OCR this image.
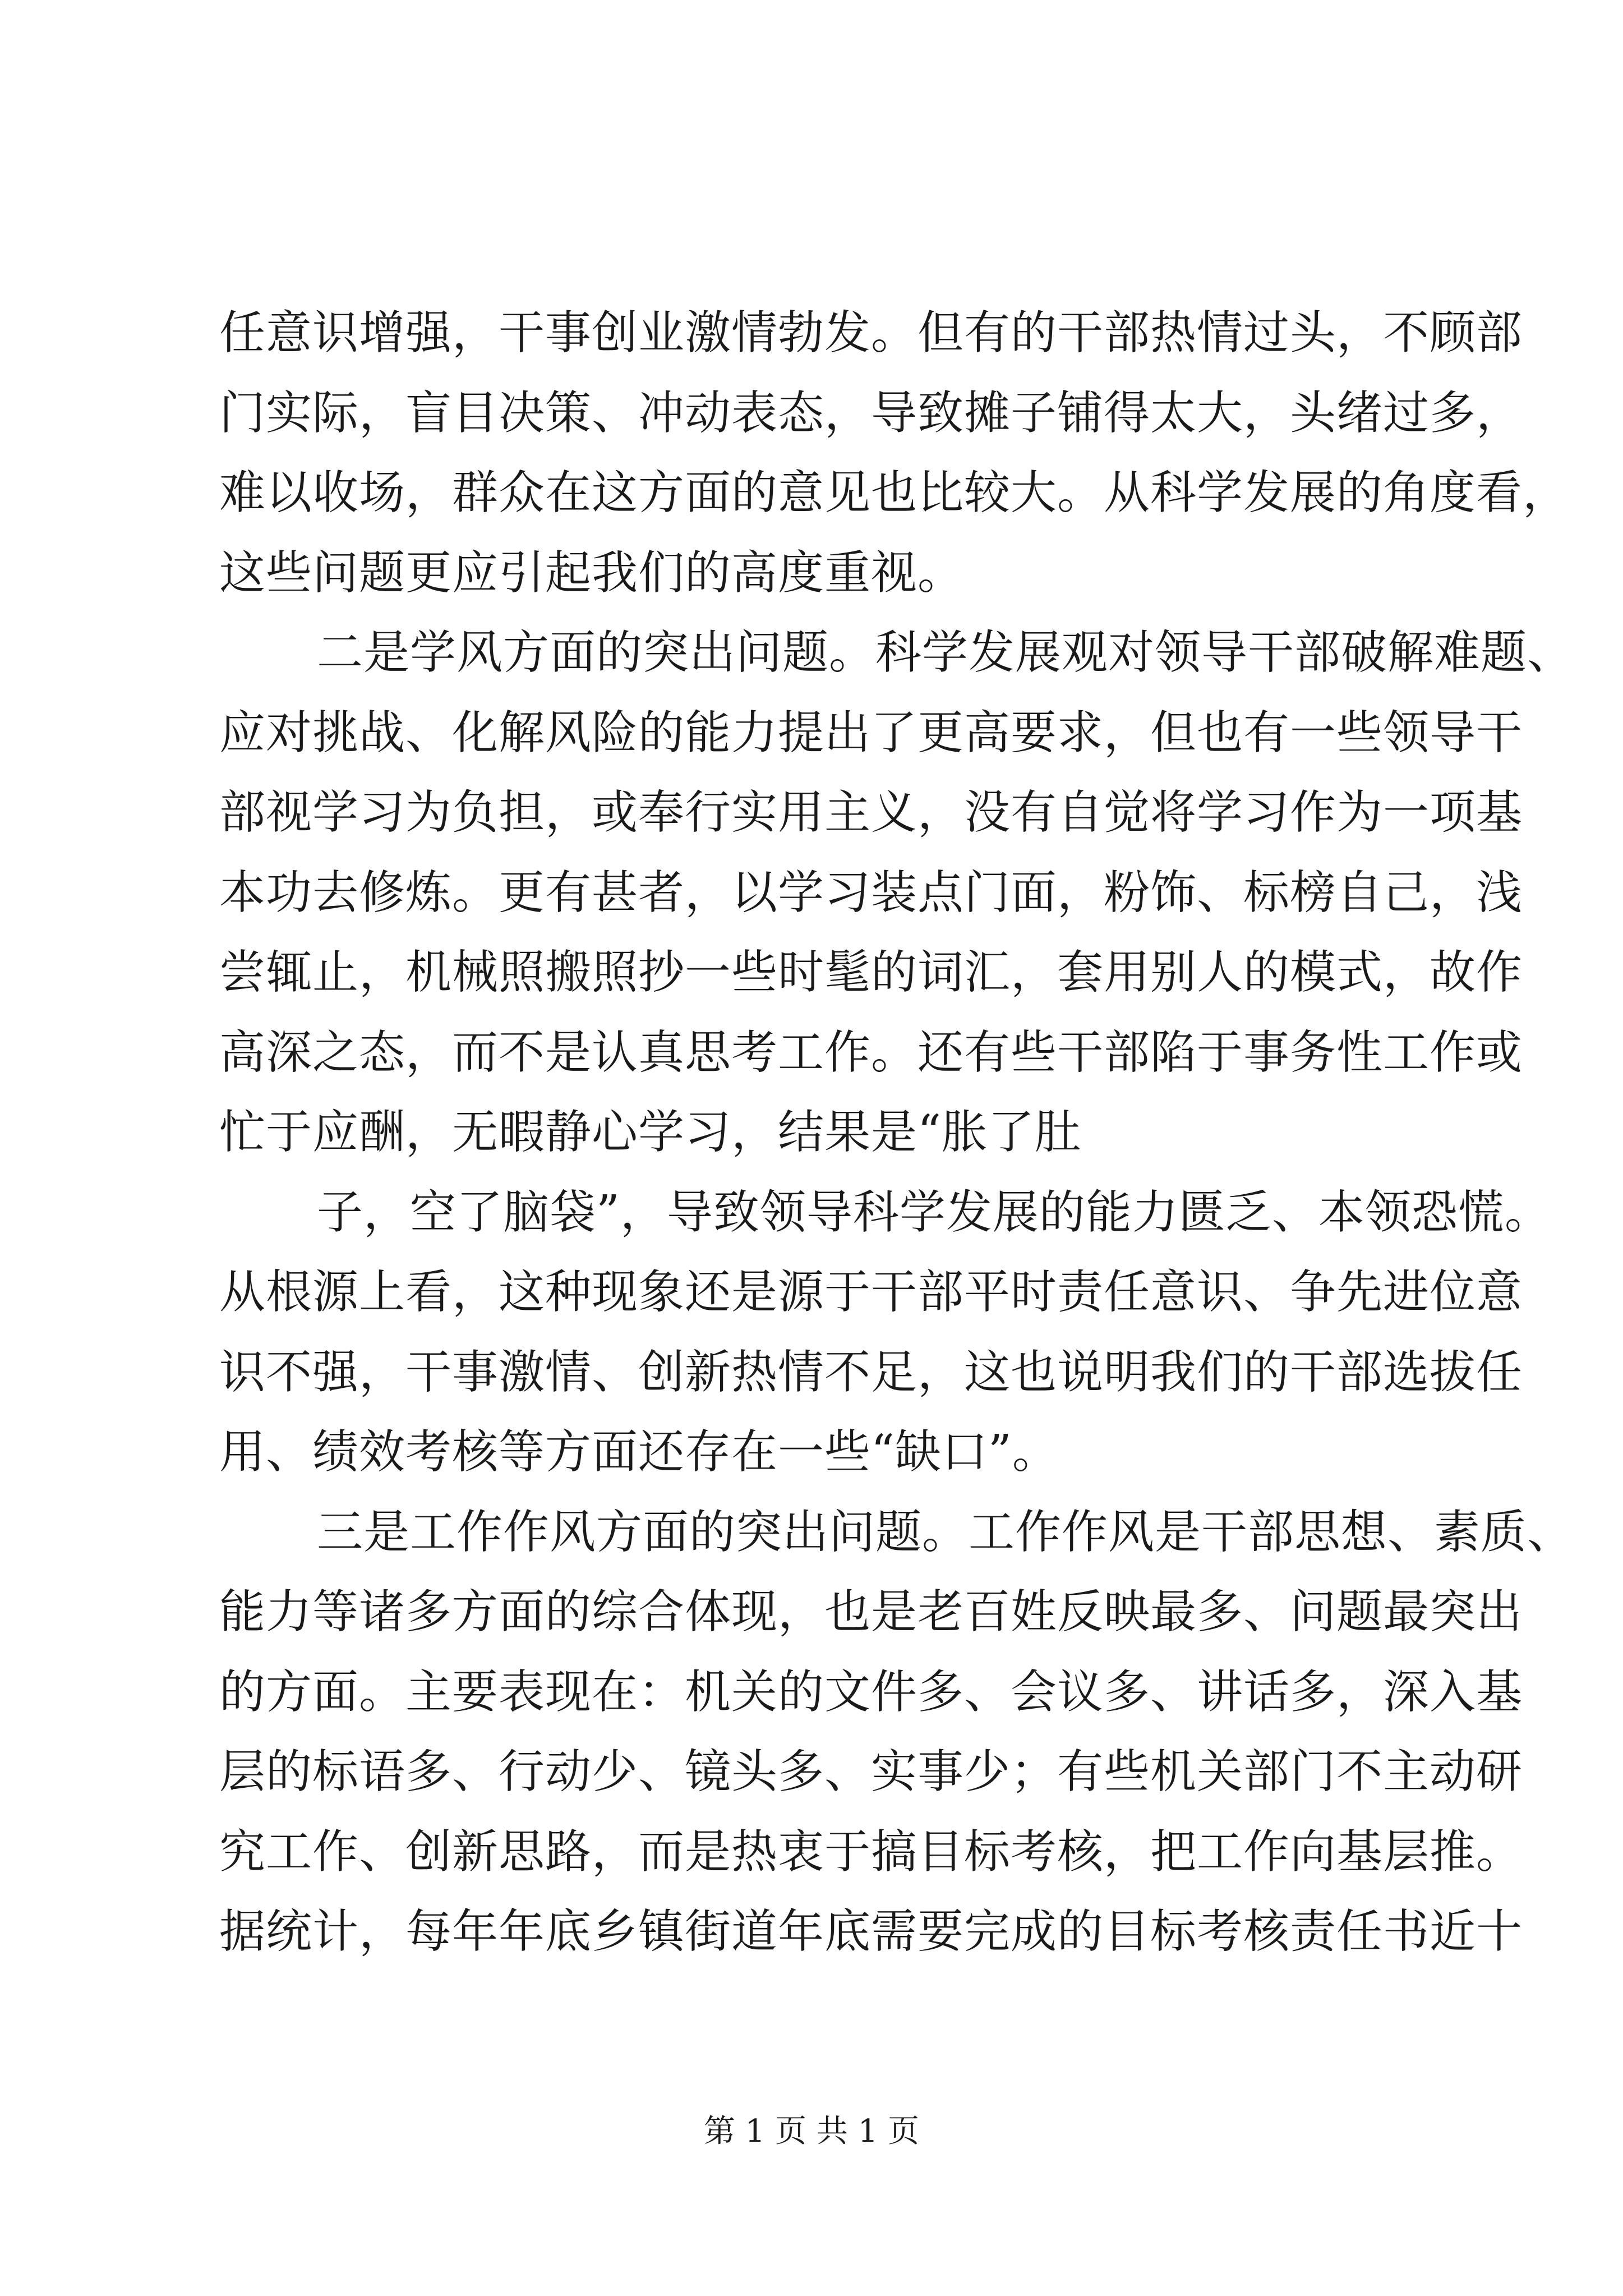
任意识增强，干事创业激情勃发。但有的干部热情过头，不顾部
门实际，盲目决策、冲动表态，导致摊子铺得太大，头绪过多，
难以收场，群众在这方面的意见也比较大。从科学发展的角度看，
这些问题更应引起我们的高度重视。
二是学风方面的突出问题。科学发展观对领导干部破解难题、
应对挑战、化解风险的能力提出了更高要求，但也有一些领导干
部视学习为负担，或奉行实用主义，没有自觉将学习作为一项基
本功去修炼。更有甚者，以学习装点门面，粉饰、标榜自己，浅
尝辄止，机械照搬照抄一些时髦的词汇，套用别人的模式，故作
高深之态，而不是认真思考工作。还有些干部陷于事务性工作或
忙于应酬，无暇静心学习，结果是“胀了肚
子，空了脑袋”，导致领导科学发展的能力匮乏、本领恐慌。
从根源上看，这种现象还是源于干部平时责任意识、争先进位意
识不强，干事激情、创新热情不足，这也说明我们的干部选拔任
用、绩效考核等方面还存在一些“缺口”。
三是工作作风方面的突出问题。工作作风是干部思想、素质、
能力等诸多方面的综合体现，也是老百姓反映最多、问题最突出
的方面。主要表现在：机关的文件多、会议多、讲话多，深入基
层的标语多、行动少、镜头多、实事少；有些机关部门不主动研
究工作、创新思路，而是热衷于搞目标考核，把工作向基层推。
据统计，每年年底乡镇街道年底需要完成的目标考核责任书近十
第 1 页 共 1 页
